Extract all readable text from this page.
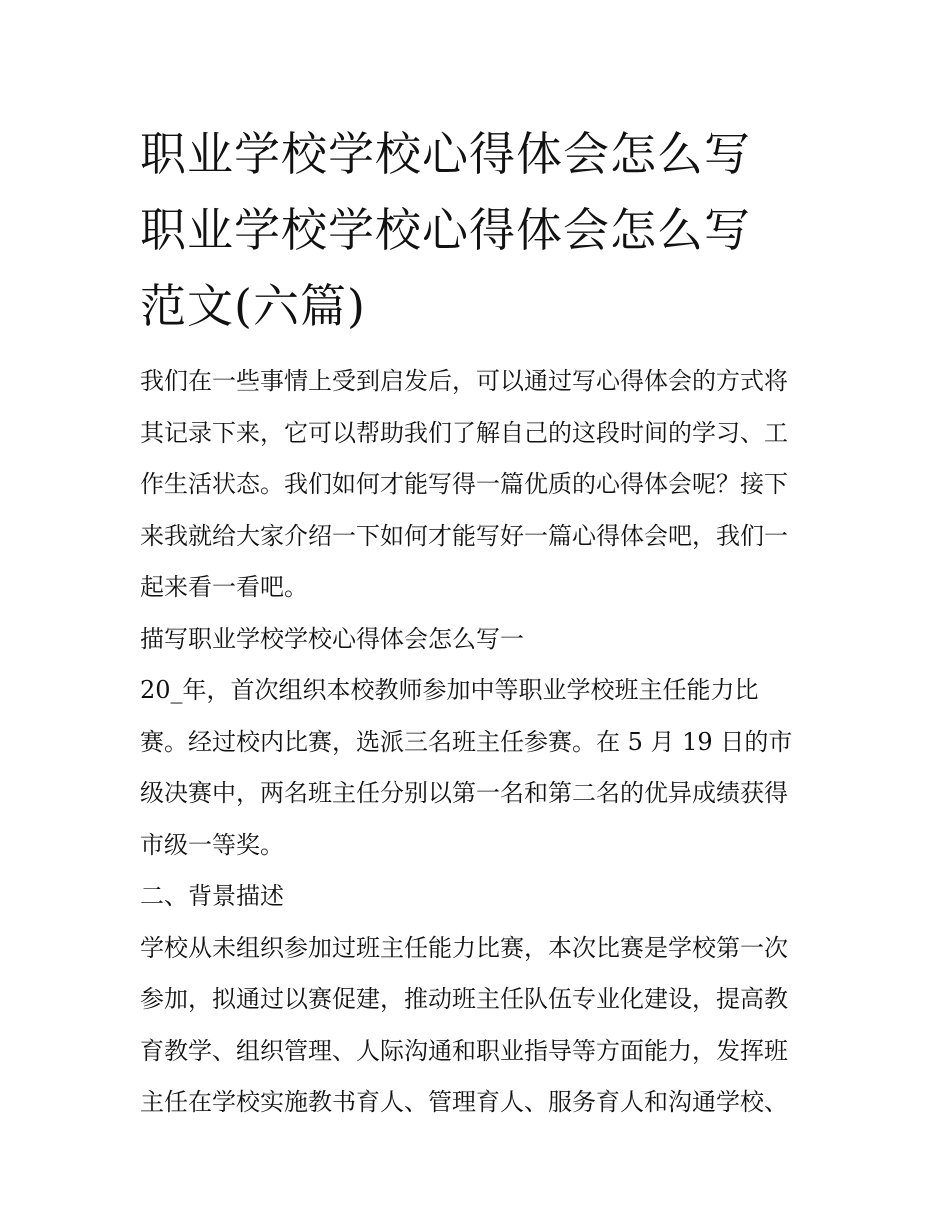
职业学校学校心得体会怎么写
职业学校学校心得体会怎么写
范文(六篇)
我们在一些事情上受到启发后，可以通过写心得体会的方式将
其记录下来，它可以帮助我们了解自己的这段时间的学习、工
作生活状态。我们如何才能写得一篇优质的心得体会呢？接下
来我就给大家介绍一下如何才能写好一篇心得体会吧，我们一
起来看一看吧。
描写职业学校学校心得体会怎么写一
20_年，首次组织本校教师参加中等职业学校班主任能力比
赛。经过校内比赛，选派三名班主任参赛。在 5 月 19 日的市
级决赛中，两名班主任分别以第一名和第二名的优异成绩获得
市级一等奖。
二、背景描述
学校从未组织参加过班主任能力比赛，本次比赛是学校第一次
参加，拟通过以赛促建，推动班主任队伍专业化建设，提高教
育教学、组织管理、人际沟通和职业指导等方面能力，发挥班
主任在学校实施教书育人、管理育人、服务育人和沟通学校、
